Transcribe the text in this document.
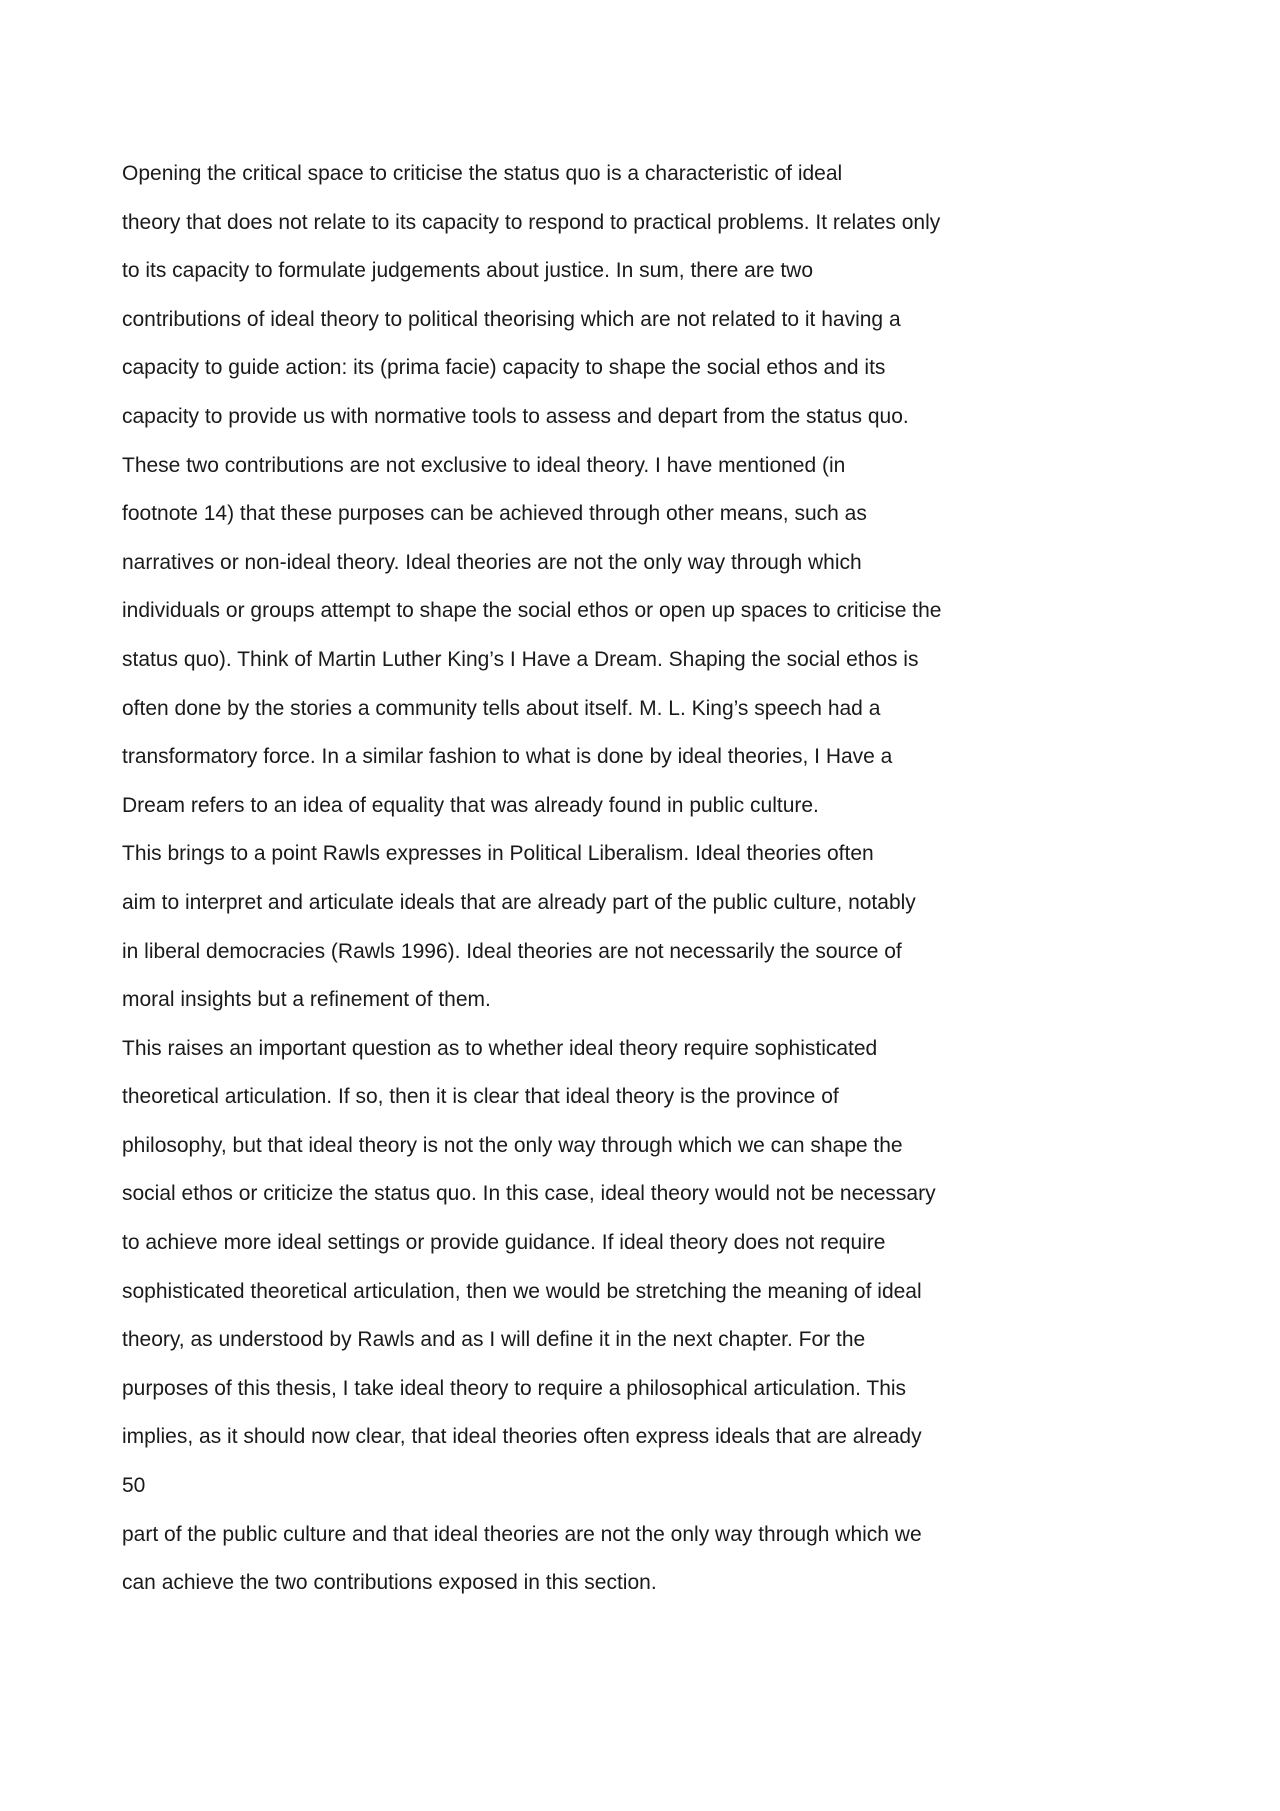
Opening the critical space to criticise the status quo is a characteristic of ideal
theory that does not relate to its capacity to respond to practical problems. It relates only
to its capacity to formulate judgements about justice. In sum, there are two
contributions of ideal theory to political theorising which are not related to it having a
capacity to guide action: its (prima facie) capacity to shape the social ethos and its
capacity to provide us with normative tools to assess and depart from the status quo.
These two contributions are not exclusive to ideal theory. I have mentioned (in
footnote 14) that these purposes can be achieved through other means, such as
narratives or non-ideal theory. Ideal theories are not the only way through which
individuals or groups attempt to shape the social ethos or open up spaces to criticise the
status quo). Think of Martin Luther King’s I Have a Dream. Shaping the social ethos is
often done by the stories a community tells about itself. M. L. King’s speech had a
transformatory force. In a similar fashion to what is done by ideal theories, I Have a
Dream refers to an idea of equality that was already found in public culture.
This brings to a point Rawls expresses in Political Liberalism. Ideal theories often
aim to interpret and articulate ideals that are already part of the public culture, notably
in liberal democracies (Rawls 1996). Ideal theories are not necessarily the source of
moral insights but a refinement of them.
This raises an important question as to whether ideal theory require sophisticated
theoretical articulation. If so, then it is clear that ideal theory is the province of
philosophy, but that ideal theory is not the only way through which we can shape the
social ethos or criticize the status quo. In this case, ideal theory would not be necessary
to achieve more ideal settings or provide guidance. If ideal theory does not require
sophisticated theoretical articulation, then we would be stretching the meaning of ideal
theory, as understood by Rawls and as I will define it in the next chapter. For the
purposes of this thesis, I take ideal theory to require a philosophical articulation. This
implies, as it should now clear, that ideal theories often express ideals that are already
50
part of the public culture and that ideal theories are not the only way through which we
can achieve the two contributions exposed in this section.
